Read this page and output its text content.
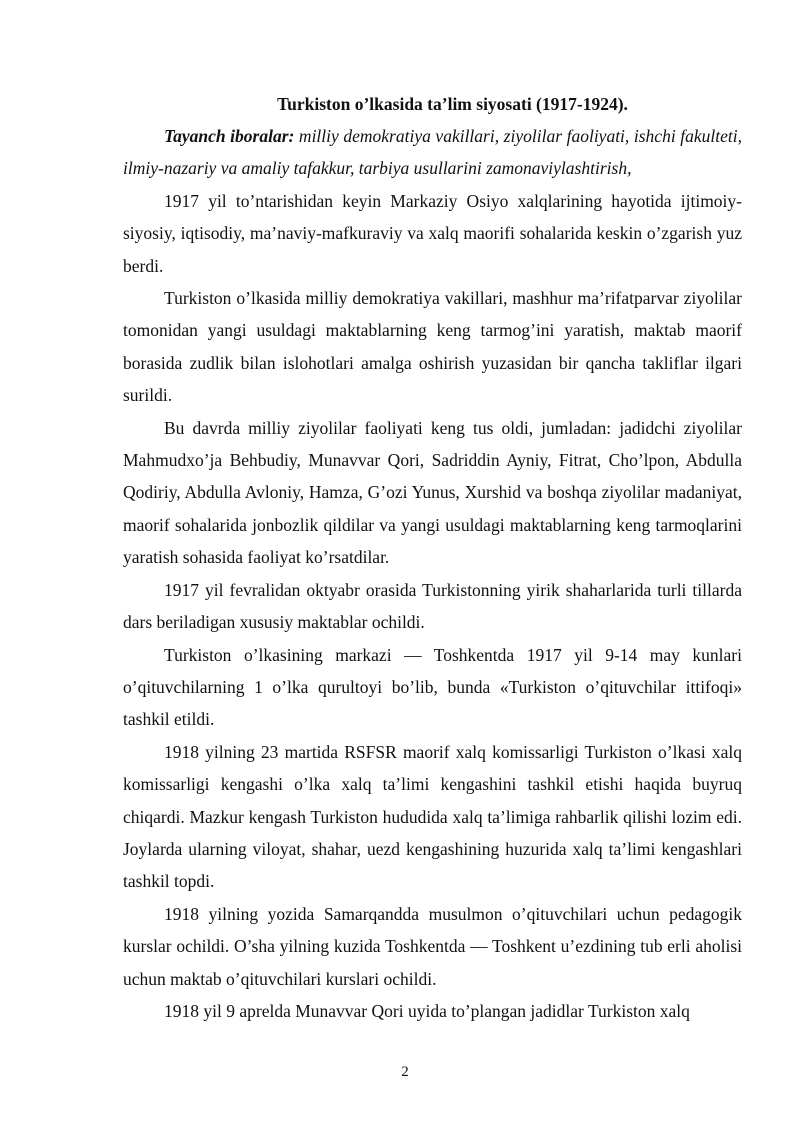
Turkiston o’lkasida ta’lim siyosati (1917-1924).

Tayanch iboralar: milliy demokratiya vakillari, ziyolilar faoliyati, ishchi fakulteti, ilmiy-nazariy va amaliy tafakkur, tarbiya usullarini zamonaviylashtirish,

1917 yil to’ntarishidan keyin Markaziy Osiyo xalqlarining hayotida ijtimoiy-siyosiy, iqtisodiy, ma’naviy-mafkuraviy va xalq maorifi sohalarida keskin o’zgarish yuz berdi.

Turkiston o’lkasida milliy demokratiya vakillari, mashhur ma’rifatparvar ziyolilar tomonidan yangi usuldagi maktablarning keng tarmog’ini yaratish, maktab maorif borasida zudlik bilan islohotlari amalga oshirish yuzasidan bir qancha takliflar ilgari surildi.

Bu davrda milliy ziyolilar faoliyati keng tus oldi, jumladan: jadidchi ziyolilar Mahmudxo’ja Behbudiy, Munavvar Qori, Sadriddin Ayniy, Fitrat, Cho’lpon, Abdulla Qodiriy, Abdulla Avloniy, Hamza, G’ozi Yunus, Xurshid va boshqa ziyolilar madaniyat, maorif sohalarida jonbozlik qildilar va yangi usuldagi maktablarning keng tarmoqlarini yaratish sohasida faoliyat ko’rsatdilar.

1917 yil fevralidan oktyabr orasida Turkistonning yirik shaharlarida turli tillarda dars beriladigan xususiy maktablar ochildi.

Turkiston o’lkasining markazi — Toshkentda 1917 yil 9-14 may kunlari o’qituvchilarning 1 o’lka qurultoyi bo’lib, bunda «Turkiston o’qituvchilar ittifoqi» tashkil etildi.

1918 yilning 23 martida RSFSR maorif xalq komissarligi Turkiston o’lkasi xalq komissarligi kengashi o’lka xalq ta’limi kengashini tashkil etishi haqida buyruq chiqardi. Mazkur kengash Turkiston hududida xalq ta’limiga rahbarlik qilishi lozim edi. Joylarda ularning viloyat, shahar, uezd kengashining huzurida xalq ta’limi kengashlari tashkil topdi.

1918 yilning yozida Samarqandda musulmon o’qituvchilari uchun pedagogik kurslar ochildi. O’sha yilning kuzida Toshkentda — Toshkent u’ezdining tub erli aholisi uchun maktab o’qituvchilari kurslari ochildi.

1918 yil 9 aprelda Munavvar Qori uyida to’plangan jadidlar Turkiston xalq

2
